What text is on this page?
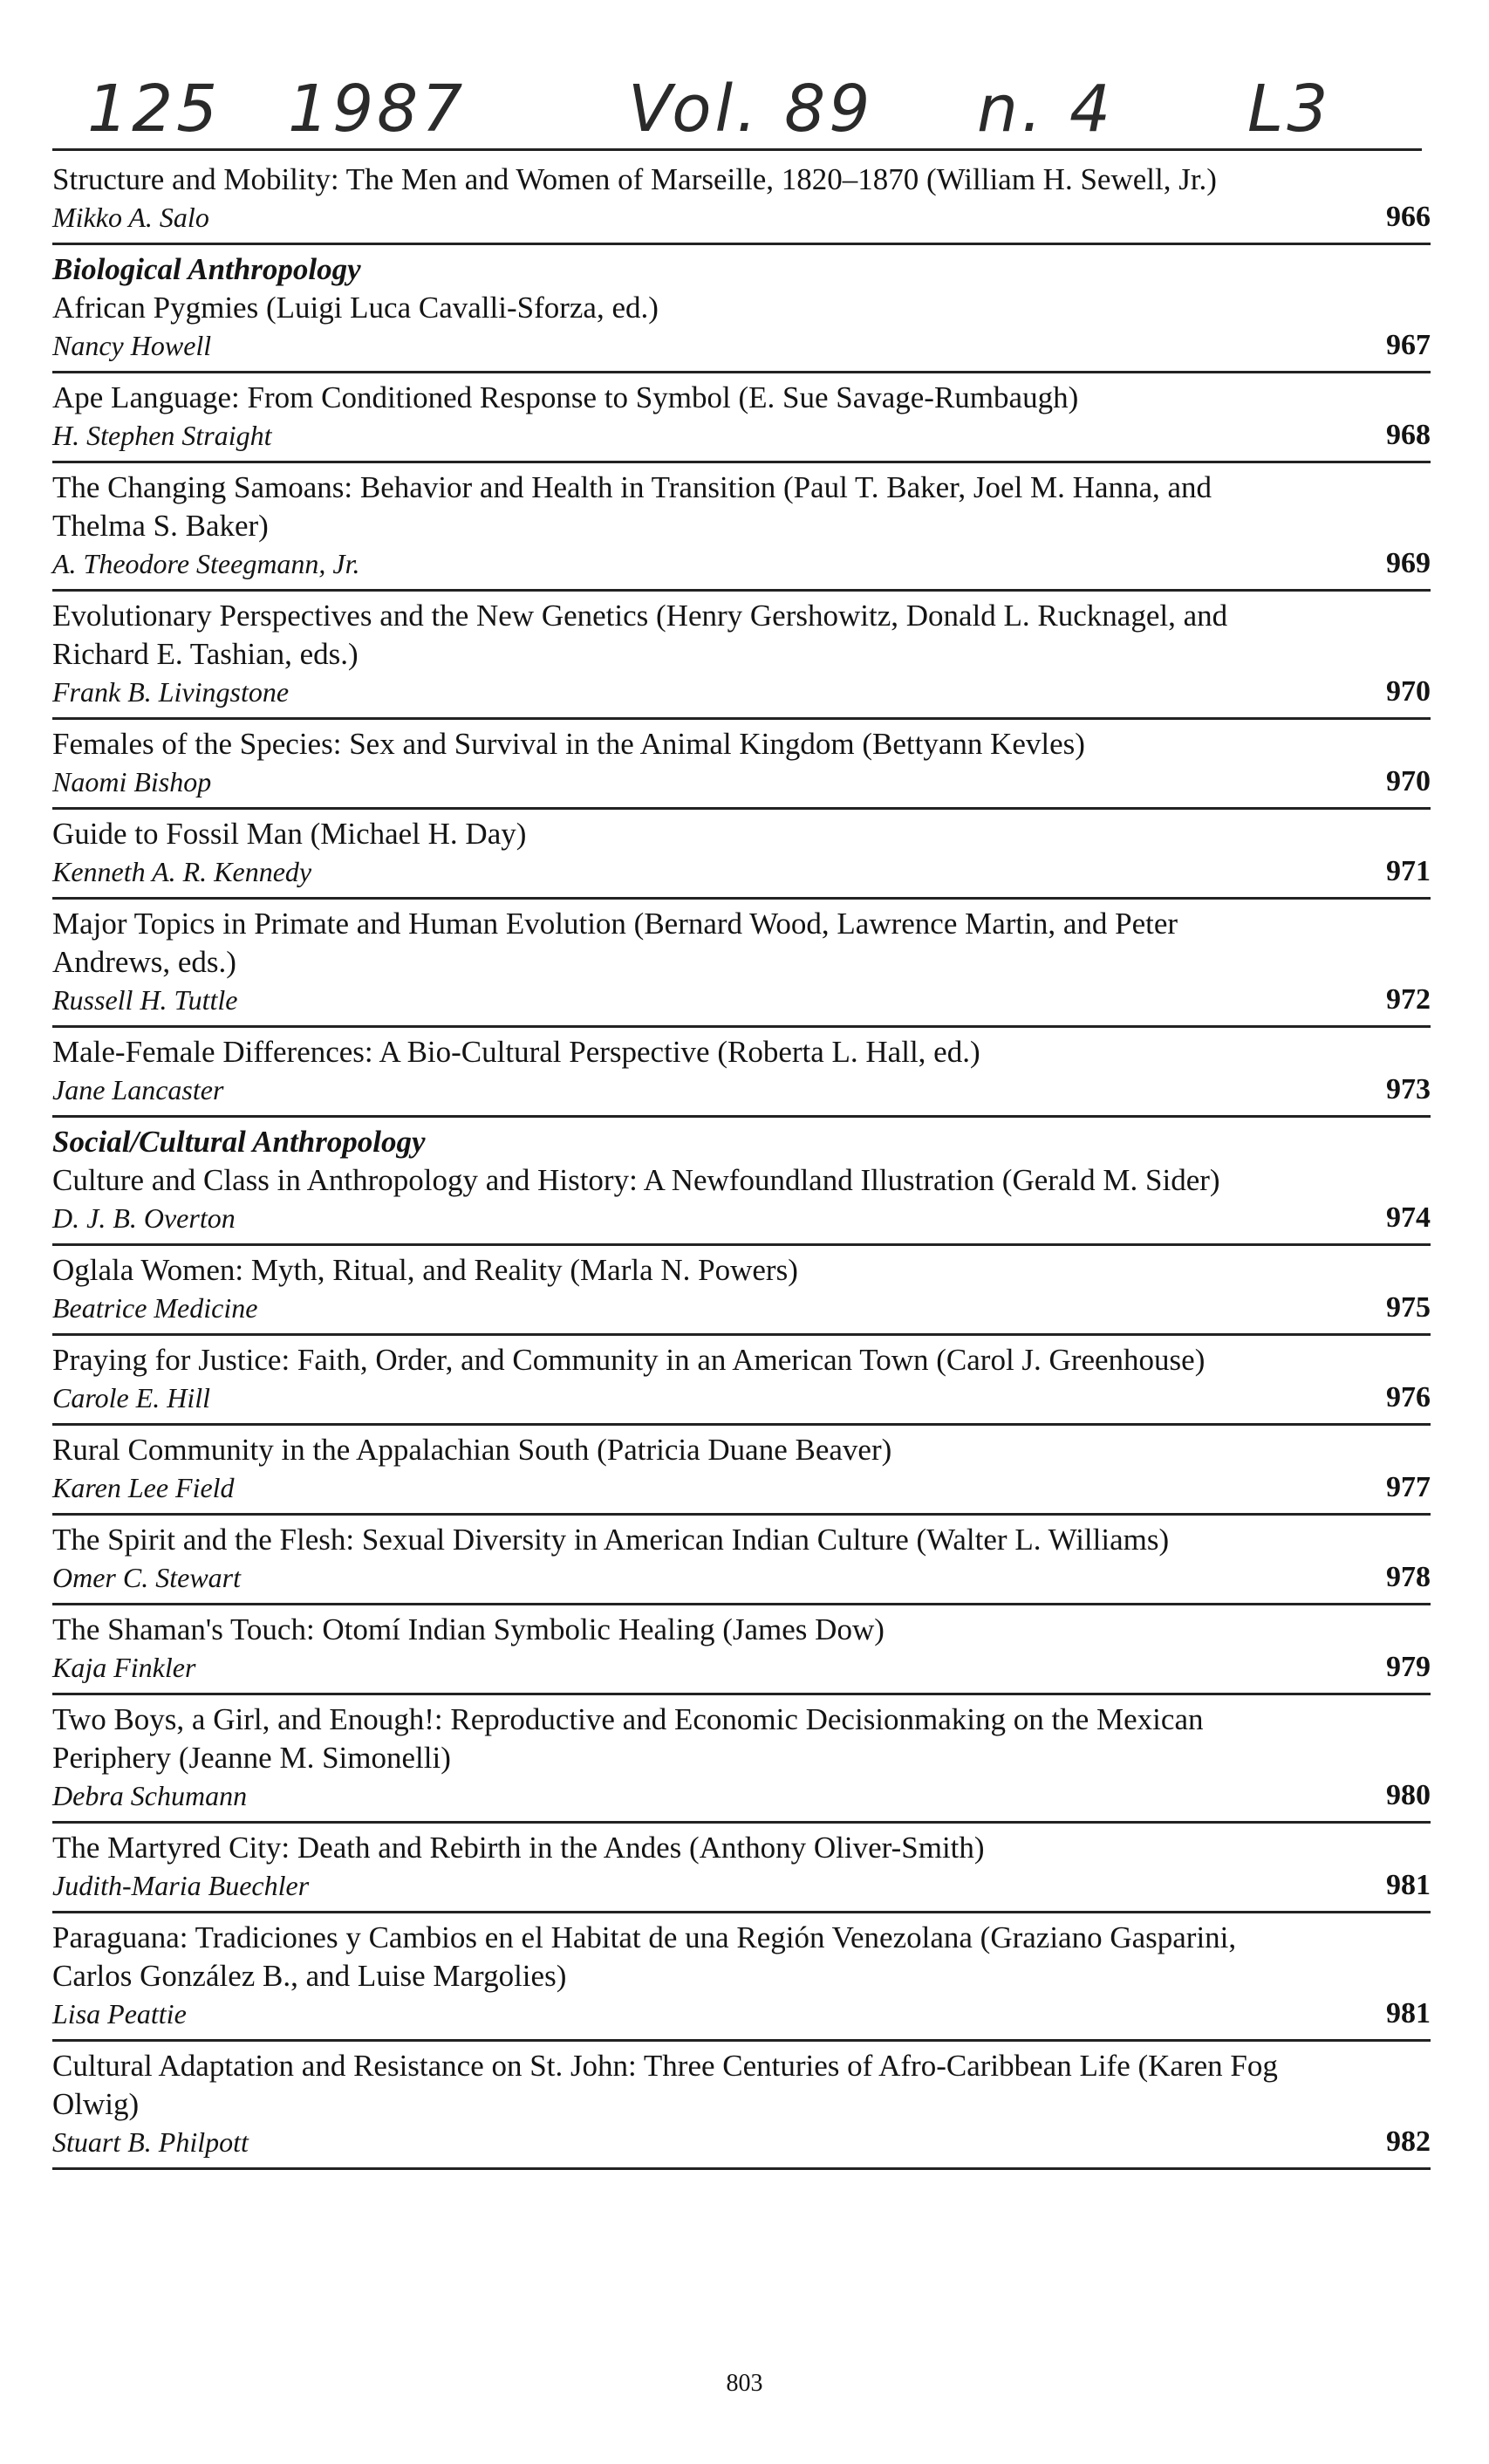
125 1987	Vol. 89 n. 4 L3
Structure and Mobility: The Men and Women of Marseille, 1820–1870 (William H. Sewell, Jr.)
Mikko A. Salo	966
Biological Anthropology
African Pygmies (Luigi Luca Cavalli-Sforza, ed.)
Nancy Howell	967
Ape Language: From Conditioned Response to Symbol (E. Sue Savage-Rumbaugh)
H. Stephen Straight	968
The Changing Samoans: Behavior and Health in Transition (Paul T. Baker, Joel M. Hanna, and Thelma S. Baker)
A. Theodore Steegmann, Jr.	969
Evolutionary Perspectives and the New Genetics (Henry Gershowitz, Donald L. Rucknagel, and Richard E. Tashian, eds.)
Frank B. Livingstone	970
Females of the Species: Sex and Survival in the Animal Kingdom (Bettyann Kevles)
Naomi Bishop	970
Guide to Fossil Man (Michael H. Day)
Kenneth A. R. Kennedy	971
Major Topics in Primate and Human Evolution (Bernard Wood, Lawrence Martin, and Peter Andrews, eds.)
Russell H. Tuttle	972
Male-Female Differences: A Bio-Cultural Perspective (Roberta L. Hall, ed.)
Jane Lancaster	973
Social/Cultural Anthropology
Culture and Class in Anthropology and History: A Newfoundland Illustration (Gerald M. Sider)
D. J. B. Overton	974
Oglala Women: Myth, Ritual, and Reality (Marla N. Powers)
Beatrice Medicine	975
Praying for Justice: Faith, Order, and Community in an American Town (Carol J. Greenhouse)
Carole E. Hill	976
Rural Community in the Appalachian South (Patricia Duane Beaver)
Karen Lee Field	977
The Spirit and the Flesh: Sexual Diversity in American Indian Culture (Walter L. Williams)
Omer C. Stewart	978
The Shaman's Touch: Otomí Indian Symbolic Healing (James Dow)
Kaja Finkler	979
Two Boys, a Girl, and Enough!: Reproductive and Economic Decisionmaking on the Mexican Periphery (Jeanne M. Simonelli)
Debra Schumann	980
The Martyred City: Death and Rebirth in the Andes (Anthony Oliver-Smith)
Judith-Maria Buechler	981
Paraguana: Tradiciones y Cambios en el Habitat de una Región Venezolana (Graziano Gasparini, Carlos González B., and Luise Margolies)
Lisa Peattie	981
Cultural Adaptation and Resistance on St. John: Three Centuries of Afro-Caribbean Life (Karen Fog Olwig)
Stuart B. Philpott	982
803
